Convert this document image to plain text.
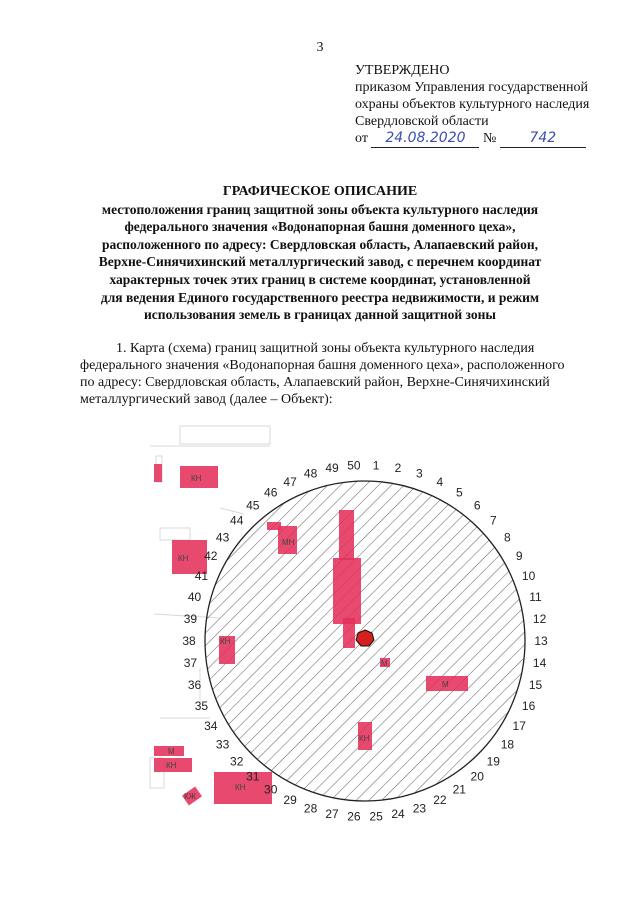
3
УТВЕРЖДЕНО
приказом Управления государственной
охраны объектов культурного наследия
Свердловской области
от 24.08.2020 № 742
ГРАФИЧЕСКОЕ ОПИСАНИЕ
местоположения границ защитной зоны объекта культурного наследия
федерального значения «Водонапорная башня доменного цеха»,
расположенного по адресу: Свердловская область, Алапаевский район,
Верхне-Синячихинский металлургический завод, с перечнем координат
характерных точек этих границ в системе координат, установленной
для ведения Единого государственного реестра недвижимости, и режим
использования земель в границах данной защитной зоны
1. Карта (схема) границ защитной зоны объекта культурного наследия
федерального значения «Водонапорная башня доменного цеха», расположенного
по адресу: Свердловская область, Алапаевский район, Верхне-Синячихинский
металлургический завод (далее – Объект):
КН
КН
МН
КН
М
М
КН
М
КН
КН
КЖ
1 2 3
4
5
6
7
8
9
10
11
12
13
14
15
16
17
18
19
20
21
22
23
24
25
26
27
28
29
30
31
32
33
34
35
36
37
38
39
40
41
42
43
44
45
46
47
48 49 50
